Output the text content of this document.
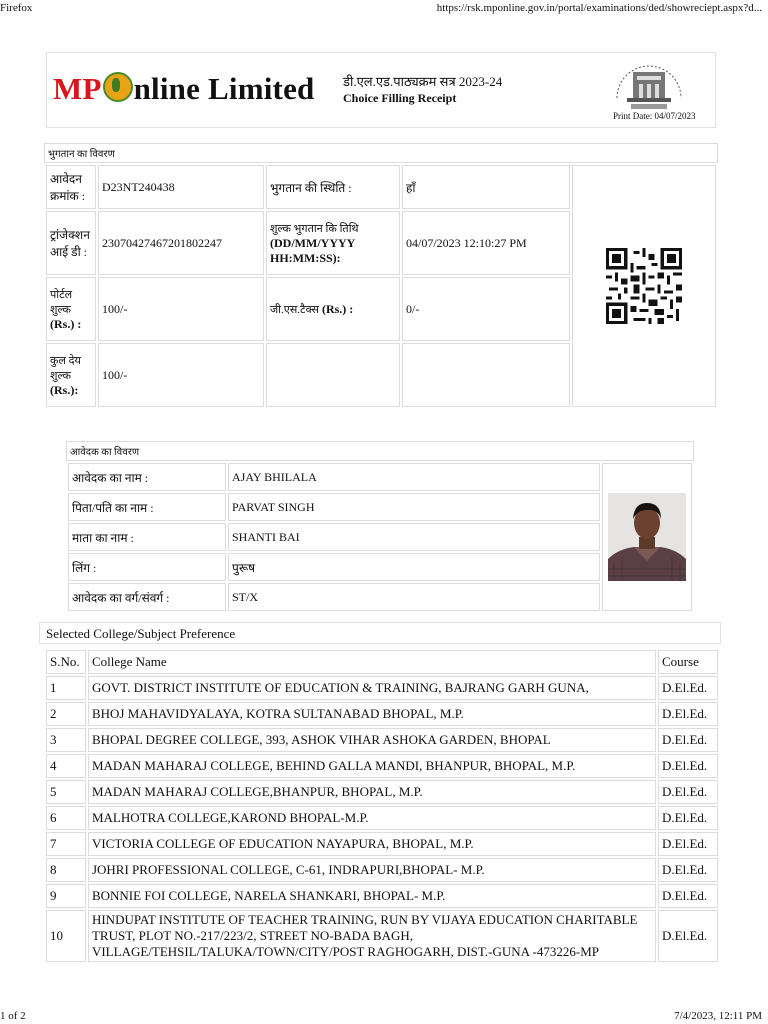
Firefox	https://rsk.mponline.gov.in/portal/examinations/ded/showreciept.aspx?d...
1 of 2	7/4/2023, 12:11 PM
MP nline Limited डी.एल.एड.पाठ्यक्रम सत्र 2023-24
Choice Filling Receipt
Print Date: 04/07/2023
भुगतान का विवरण
आवेदन क्रमांक :	D23NT240438	भुगतान की स्थिति :	हाँ	

ट्रांजेक्शन आई डी :	23070427467201802247	शुल्क भुगतान कि तिथि
(DD/MM/YYYY HH:MM:SS):	04/07/2023 12:10:27 PM	

पोर्टल शुल्क
(Rs.) :	100/-	जी.एस.टैक्स (Rs.) :	0/-	

कुल देय शुल्क
(Rs.):	100/-			
आवेदक का विवरण
आवेदक का नाम :	AJAY BHILALA	

पिता/पति का नाम :	PARVAT SINGH	
माता का नाम :	SHANTI BAI	
लिंग :	पुरूष	
आवेदक का वर्ग/संवर्ग :	ST/X	
Selected College/Subject Preference
S.No.	College Name	Course
1	GOVT. DISTRICT INSTITUTE OF EDUCATION & TRAINING, BAJRANG GARH GUNA,	D.El.Ed.
2	BHOJ MAHAVIDYALAYA, KOTRA SULTANABAD BHOPAL, M.P.	D.El.Ed.
3	BHOPAL DEGREE COLLEGE, 393, ASHOK VIHAR ASHOKA GARDEN, BHOPAL	D.El.Ed.
4	MADAN MAHARAJ COLLEGE, BEHIND GALLA MANDI, BHANPUR, BHOPAL, M.P.	D.El.Ed.
5	MADAN MAHARAJ COLLEGE,BHANPUR, BHOPAL, M.P.	D.El.Ed.
6	MALHOTRA COLLEGE,KAROND BHOPAL-M.P.	D.El.Ed.
7	VICTORIA COLLEGE OF EDUCATION NAYAPURA, BHOPAL, M.P.	D.El.Ed.
8	JOHRI PROFESSIONAL COLLEGE, C-61, INDRAPURI,BHOPAL- M.P.	D.El.Ed.
9	BONNIE FOI COLLEGE, NARELA SHANKARI, BHOPAL- M.P.	D.El.Ed.
10	HINDUPAT INSTITUTE OF TEACHER TRAINING, RUN BY VIJAYA EDUCATION CHARITABLE TRUST, PLOT NO.-217/223/2, STREET NO-BADA BAGH, VILLAGE/TEHSIL/TALUKA/TOWN/CITY/POST RAGHOGARH, DIST.-GUNA -473226-MP	D.El.Ed.
